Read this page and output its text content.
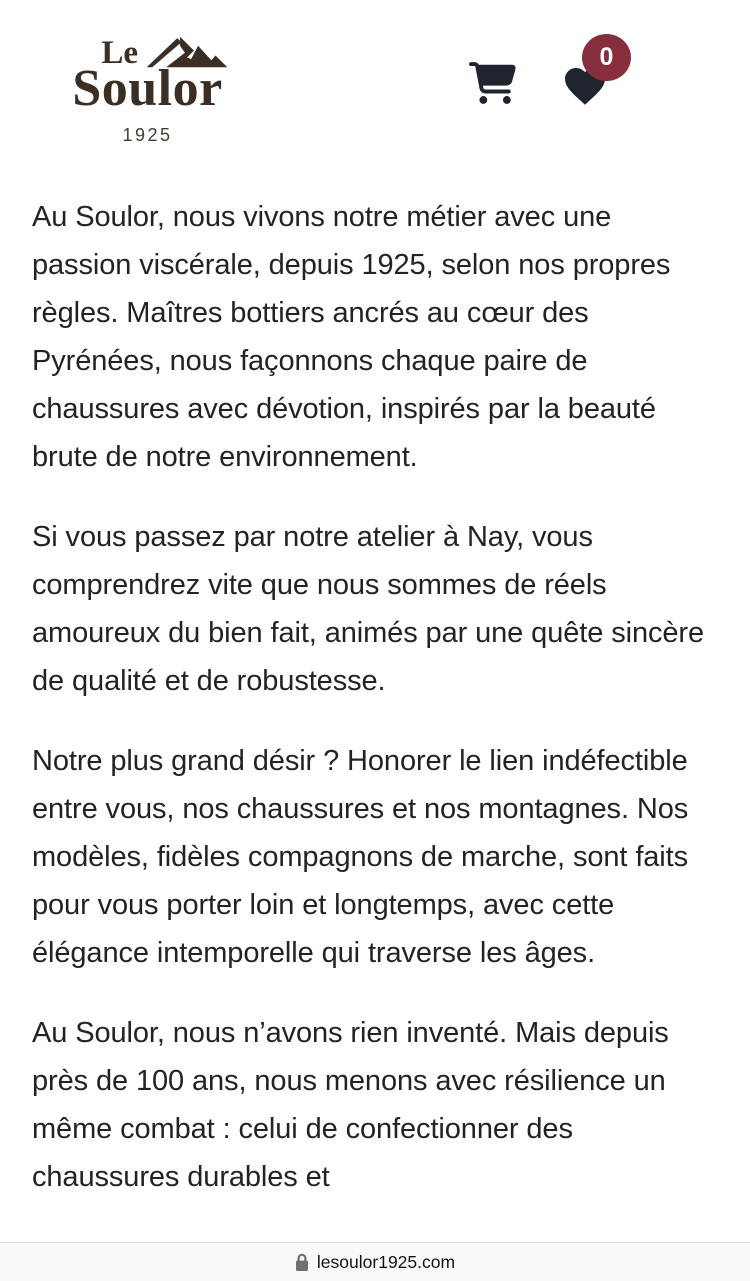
Le
Soulor
1925
0

Au Soulor, nous vivons notre métier avec une passion viscérale, depuis 1925, selon nos propres règles. Maîtres bottiers ancrés au cœur des Pyrénées, nous façonnons chaque paire de chaussures avec dévotion, inspirés par la beauté brute de notre environnement.

Si vous passez par notre atelier à Nay, vous comprendrez vite que nous sommes de réels amoureux du bien fait, animés par une quête sincère de qualité et de robustesse.

Notre plus grand désir ? Honorer le lien indéfectible entre vous, nos chaussures et nos montagnes. Nos modèles, fidèles compagnons de marche, sont faits pour vous porter loin et longtemps, avec cette élégance intemporelle qui traverse les âges.

Au Soulor, nous n’avons rien inventé. Mais depuis près de 100 ans, nous menons avec résilience un même combat : celui de confectionner des chaussures durables et

lesoulor1925.com
